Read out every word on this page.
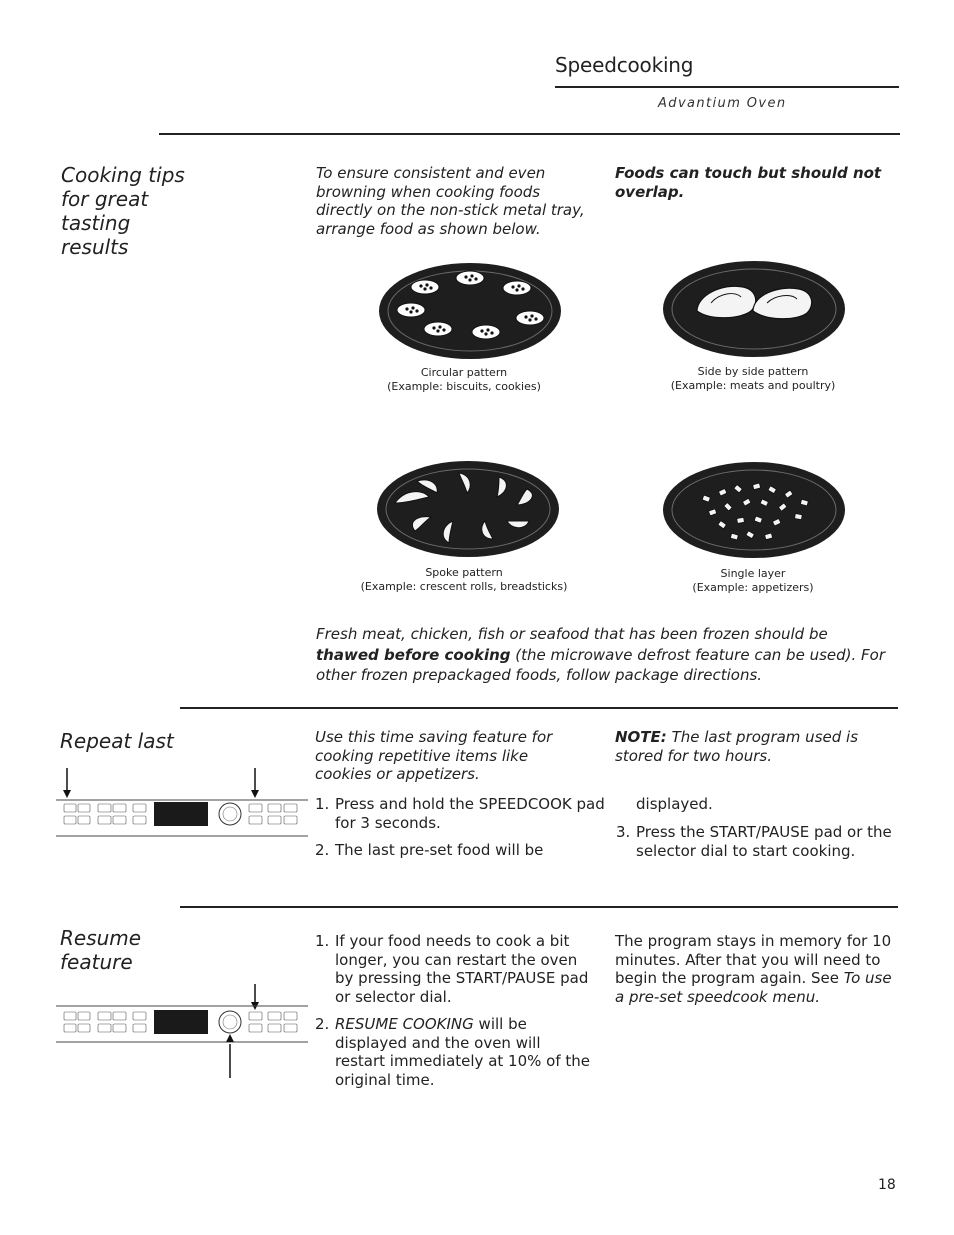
Speedcooking
Advantium Oven
Cooking tips for great tasting results
To ensure consistent and even browning when cooking foods directly on the non-stick metal tray, arrange food as shown below.
Foods can touch but should not overlap.
Circular pattern
(Example: biscuits, cookies)
Side by side pattern
(Example: meats and poultry)
Spoke pattern
(Example: crescent rolls, breadsticks)
Single layer
(Example: appetizers)
Fresh meat, chicken, fish or seafood that has been frozen should be thawed before cooking (the microwave defrost feature can be used). For other frozen prepackaged foods, follow package directions.
Repeat last	Use this time saving feature for cooking repetitive items like cookies or appetizers.
NOTE: The last program used is stored for two hours.
1. Press and hold the SPEEDCOOK pad for 3 seconds.
2. The last pre-set food will be
displayed.
3. Press the START/PAUSE pad or the selector dial to start cooking.
Resume feature
1. If your food needs to cook a bit longer, you can restart the oven by pressing the START/PAUSE pad or selector dial.
2. RESUME COOKING will be displayed and the oven will restart immediately at 10% of the original time.
The program stays in memory for 10 minutes. After that you will need to begin the program again. See To use a pre-set speedcook menu.
18
